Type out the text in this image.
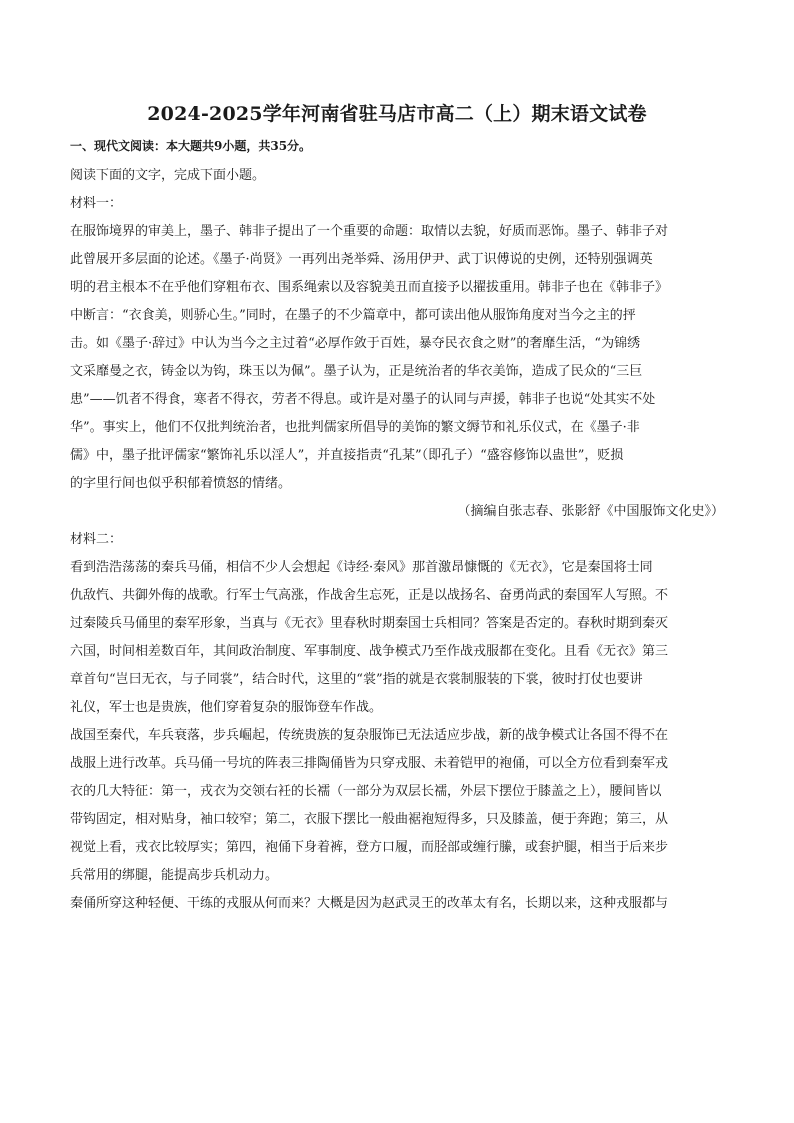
2024-2025学年河南省驻马店市高二（上）期末语文试卷

一、现代文阅读：本大题共9小题，共35分。

阅读下面的文字，完成下面小题。

材料一：

在服饰境界的审美上，墨子、韩非子提出了一个重要的命题：取情以去貌，好质而恶饰。墨子、韩非子对

此曾展开多层面的论述。《墨子·尚贤》一再列出尧举舜、汤用伊尹、武丁识傅说的史例，还特别强调英

明的君主根本不在乎他们穿粗布衣、围系绳索以及容貌美丑而直接予以擢拔重用。韩非子也在《韩非子》

中断言：“衣食美，则骄心生。”同时，在墨子的不少篇章中，都可读出他从服饰角度对当今之主的抨

击。如《墨子·辞过》中认为当今之主过着“必厚作敛于百姓，暴夺民衣食之财”的奢靡生活，“为锦绣

文采靡曼之衣，铸金以为钩，珠玉以为佩”。墨子认为，正是统治者的华衣美饰，造成了民众的“三巨

患”——饥者不得食，寒者不得衣，劳者不得息。或许是对墨子的认同与声援，韩非子也说“处其实不处

华”。事实上，他们不仅批判统治者，也批判儒家所倡导的美饰的繁文缛节和礼乐仪式，在《墨子·非

儒》中，墨子批评儒家“繁饰礼乐以淫人”，并直接指责“孔某”（即孔子）“盛容修饰以蛊世”，贬损

的字里行间也似乎积郁着愤怒的情绪。

（摘编自张志春、张影舒《中国服饰文化史》）

材料二：

看到浩浩荡荡的秦兵马俑，相信不少人会想起《诗经·秦风》那首激昂慷慨的《无衣》，它是秦国将士同

仇敌忾、共御外侮的战歌。行军士气高涨，作战舍生忘死，正是以战扬名、奋勇尚武的秦国军人写照。不

过秦陵兵马俑里的秦军形象，当真与《无衣》里春秋时期秦国士兵相同？答案是否定的。春秋时期到秦灭

六国，时间相差数百年，其间政治制度、军事制度、战争模式乃至作战戎服都在变化。且看《无衣》第三

章首句“岂曰无衣，与子同裳”，结合时代，这里的“裳”指的就是衣裳制服装的下裳，彼时打仗也要讲

礼仪，军士也是贵族，他们穿着复杂的服饰登车作战。

战国至秦代，车兵衰落，步兵崛起，传统贵族的复杂服饰已无法适应步战，新的战争模式让各国不得不在

战服上进行改革。兵马俑一号坑的阵表三排陶俑皆为只穿戎服、未着铠甲的袍俑，可以全方位看到秦军戎

衣的几大特征：第一，戎衣为交领右衽的长襦（一部分为双层长襦，外层下摆位于膝盖之上），腰间皆以

带钩固定，相对贴身，袖口较窄；第二，衣服下摆比一般曲裾袍短得多，只及膝盖，便于奔跑；第三，从

视觉上看，戎衣比较厚实；第四，袍俑下身着裤，登方口履，而胫部或缠行縢，或套护腿，相当于后来步

兵常用的绑腿，能提高步兵机动力。

秦俑所穿这种轻便、干练的戎服从何而来？大概是因为赵武灵王的改革太有名，长期以来，这种戎服都与
